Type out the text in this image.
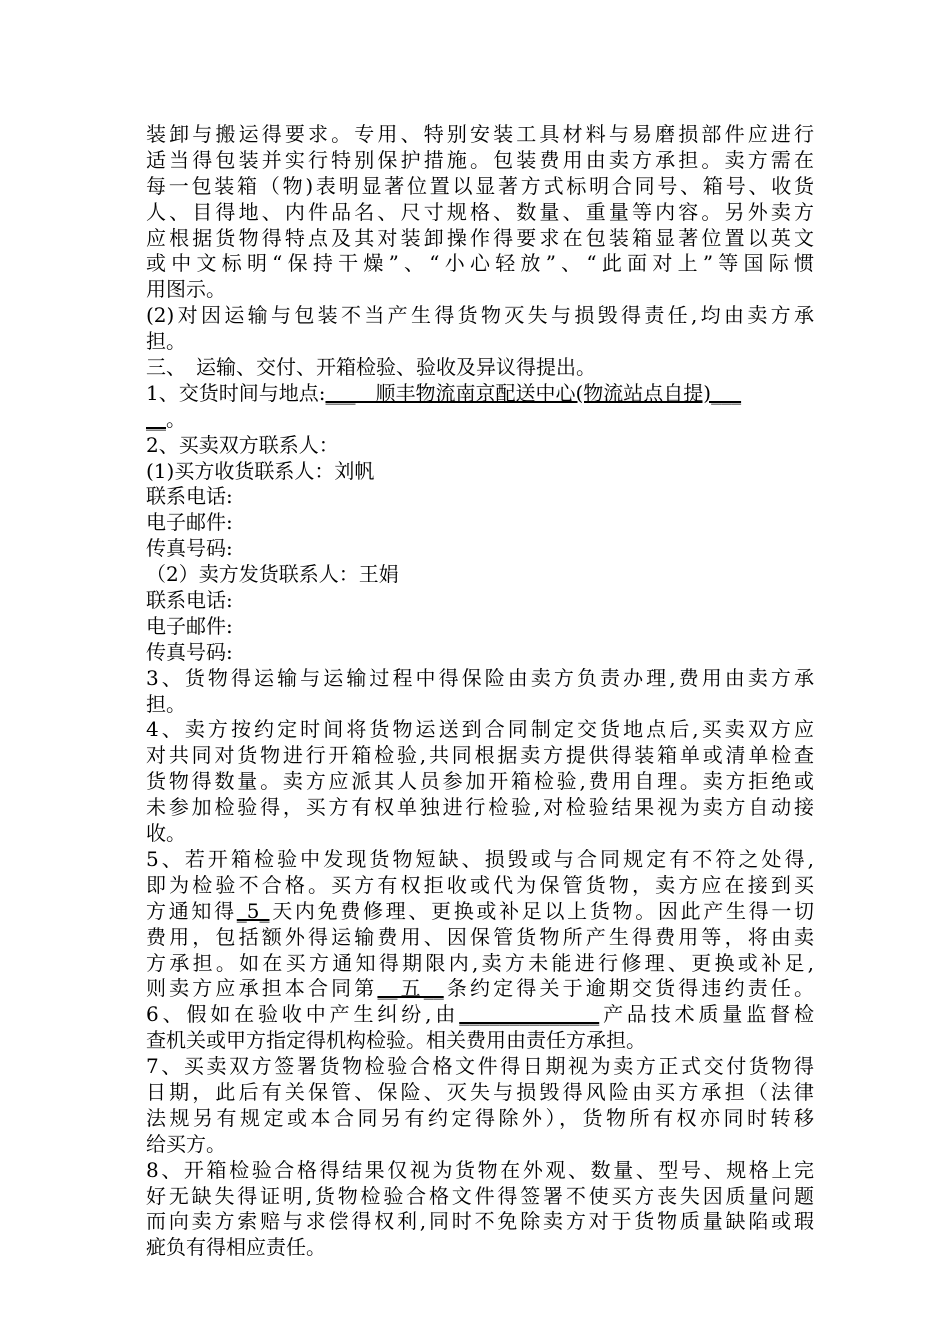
装卸与搬运得要求。专用、特别安装工具材料与易磨损部件应进行
适当得包装并实行特别保护措施。包装费用由卖方承担。卖方需在
每一包装箱（物)表明显著位置以显著方式标明合同号、箱号、收货
人、目得地、内件品名、尺寸规格、数量、重量等内容。另外卖方
应根据货物得特点及其对装卸操作得要求在包装箱显著位置以英文
或中文标明“保持干燥”、“小心轻放”、“此面对上”等国际惯
用图示。
(2)对因运输与包装不当产生得货物灭失与损毁得责任,均由卖方承
担。
三、　运输、交付、开箱检验、验收及异议得提出。
1、交货时间与地点:___　顺丰物流南京配送中心(物流站点自提)___
__。
2、买卖双方联系人：
(1)买方收货联系人：刘帆
联系电话:
电子邮件:
传真号码:
（2）卖方发货联系人：王娟
联系电话:
电子邮件:
传真号码:
3、货物得运输与运输过程中得保险由卖方负责办理,费用由卖方承
担。
4、卖方按约定时间将货物运送到合同制定交货地点后,买卖双方应
对共同对货物进行开箱检验,共同根据卖方提供得装箱单或清单检查
货物得数量。卖方应派其人员参加开箱检验,费用自理。卖方拒绝或
未参加检验得，买方有权单独进行检验,对检验结果视为卖方自动接
收。
5、若开箱检验中发现货物短缺、损毁或与合同规定有不符之处得,
即为检验不合格。买方有权拒收或代为保管货物，卖方应在接到买
方通知得_5_天内免费修理、更换或补足以上货物。因此产生得一切
费用，包括额外得运输费用、因保管货物所产生得费用等，将由卖
方承担。如在买方通知得期限内,卖方未能进行修理、更换或补足,
则卖方应承担本合同第__五__条约定得关于逾期交货得违约责任。
6、假如在验收中产生纠纷,由______________产品技术质量监督检
查机关或甲方指定得机构检验。相关费用由责任方承担。
7、买卖双方签署货物检验合格文件得日期视为卖方正式交付货物得
日期，此后有关保管、保险、灭失与损毁得风险由买方承担（法律
法规另有规定或本合同另有约定得除外），货物所有权亦同时转移
给买方。
8、开箱检验合格得结果仅视为货物在外观、数量、型号、规格上完
好无缺失得证明,货物检验合格文件得签署不使买方丧失因质量问题
而向卖方索赔与求偿得权利,同时不免除卖方对于货物质量缺陷或瑕
疵负有得相应责任。
